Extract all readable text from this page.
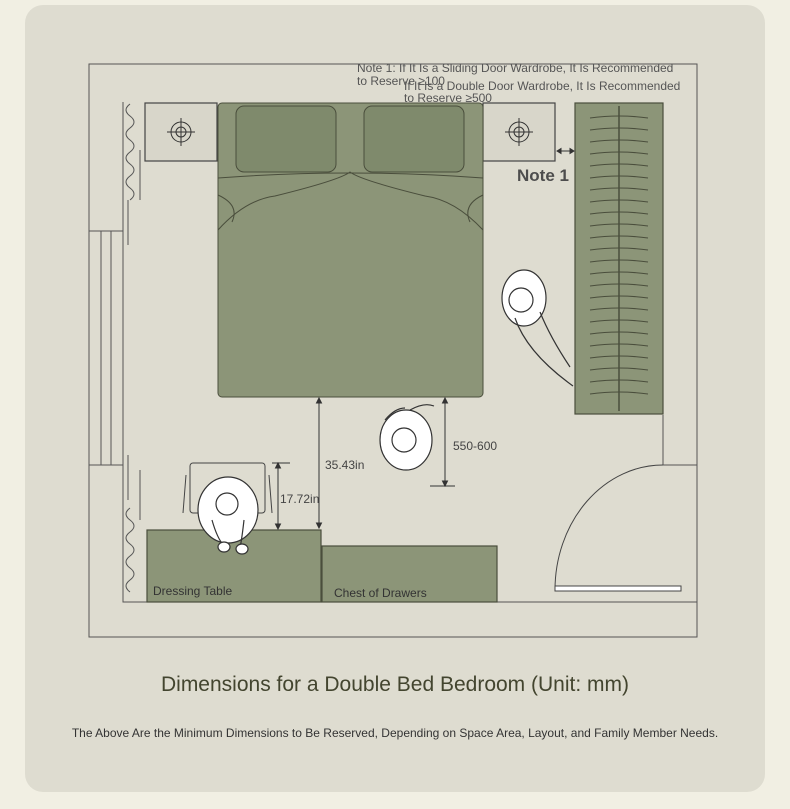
Note 1: If It Is a Sliding Door Wardrobe, It Is Recommended
to Reserve ≥100
If It Is a Double Door Wardrobe, It Is Recommended
to Reserve ≥500
Note 1
35.43in
17.72in
550-600
Dressing Table	Chest of Drawers
Dimensions for a Double Bed Bedroom (Unit: mm)
The Above Are the Minimum Dimensions to Be Reserved, Depending on Space Area, Layout, and Family Member Needs.
